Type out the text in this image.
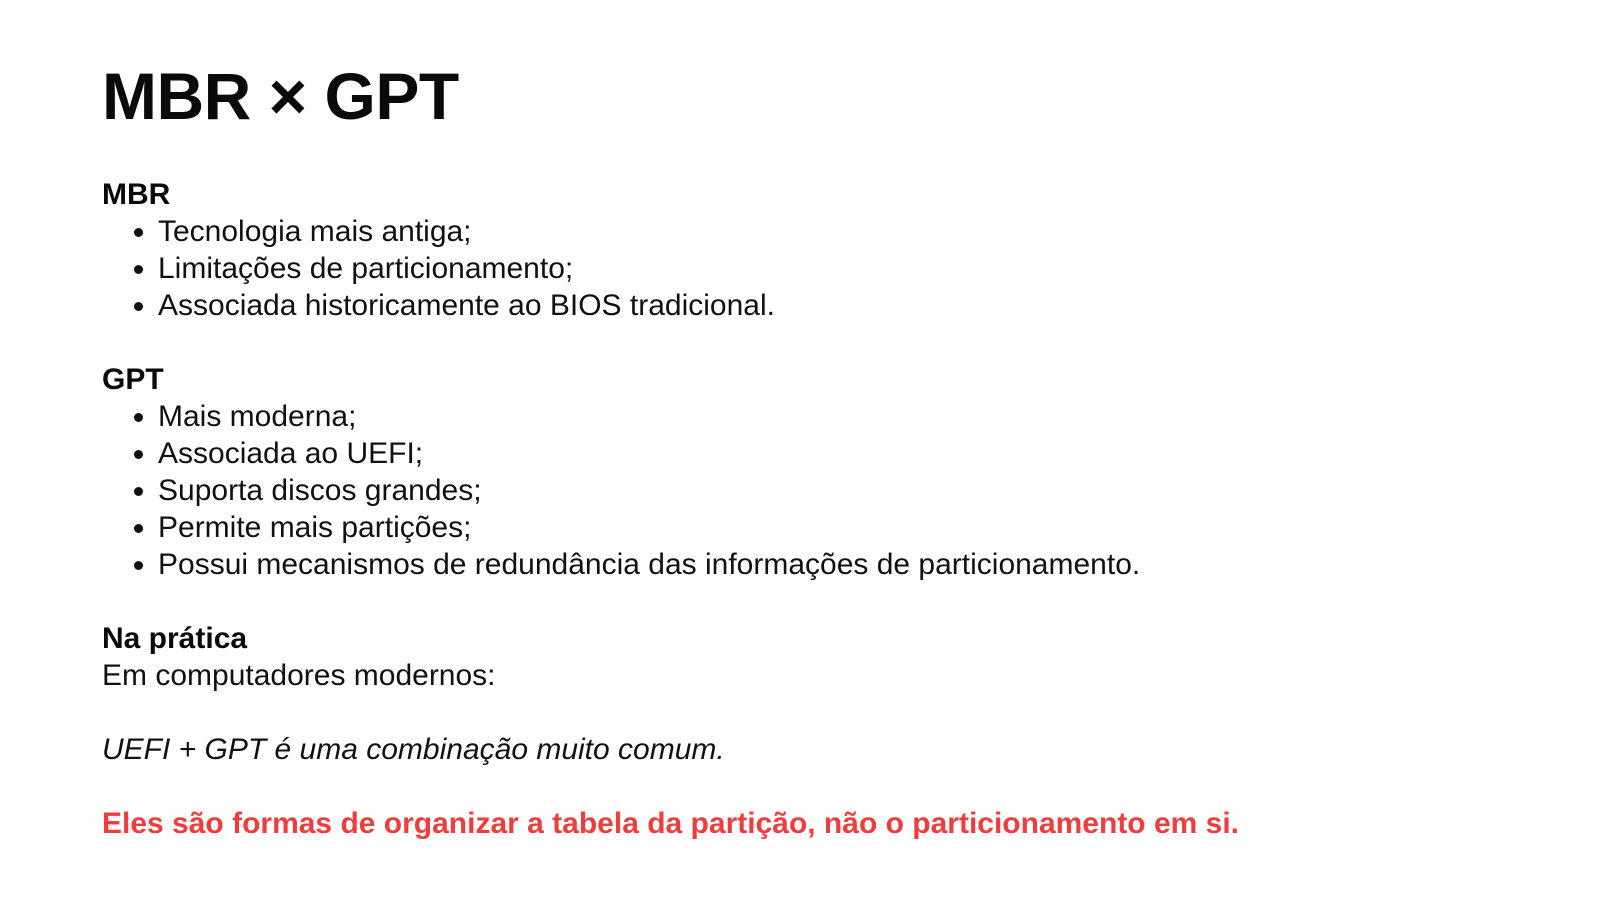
MBR × GPT

MBR

Tecnologia mais antiga;
Limitações de particionamento;
Associada historicamente ao BIOS tradicional.

GPT

Mais moderna;
Associada ao UEFI;
Suporta discos grandes;
Permite mais partições;
Possui mecanismos de redundância das informações de particionamento.

Na prática

Em computadores modernos:

UEFI + GPT é uma combinação muito comum.

Eles são formas de organizar a tabela da partição, não o particionamento em si.
